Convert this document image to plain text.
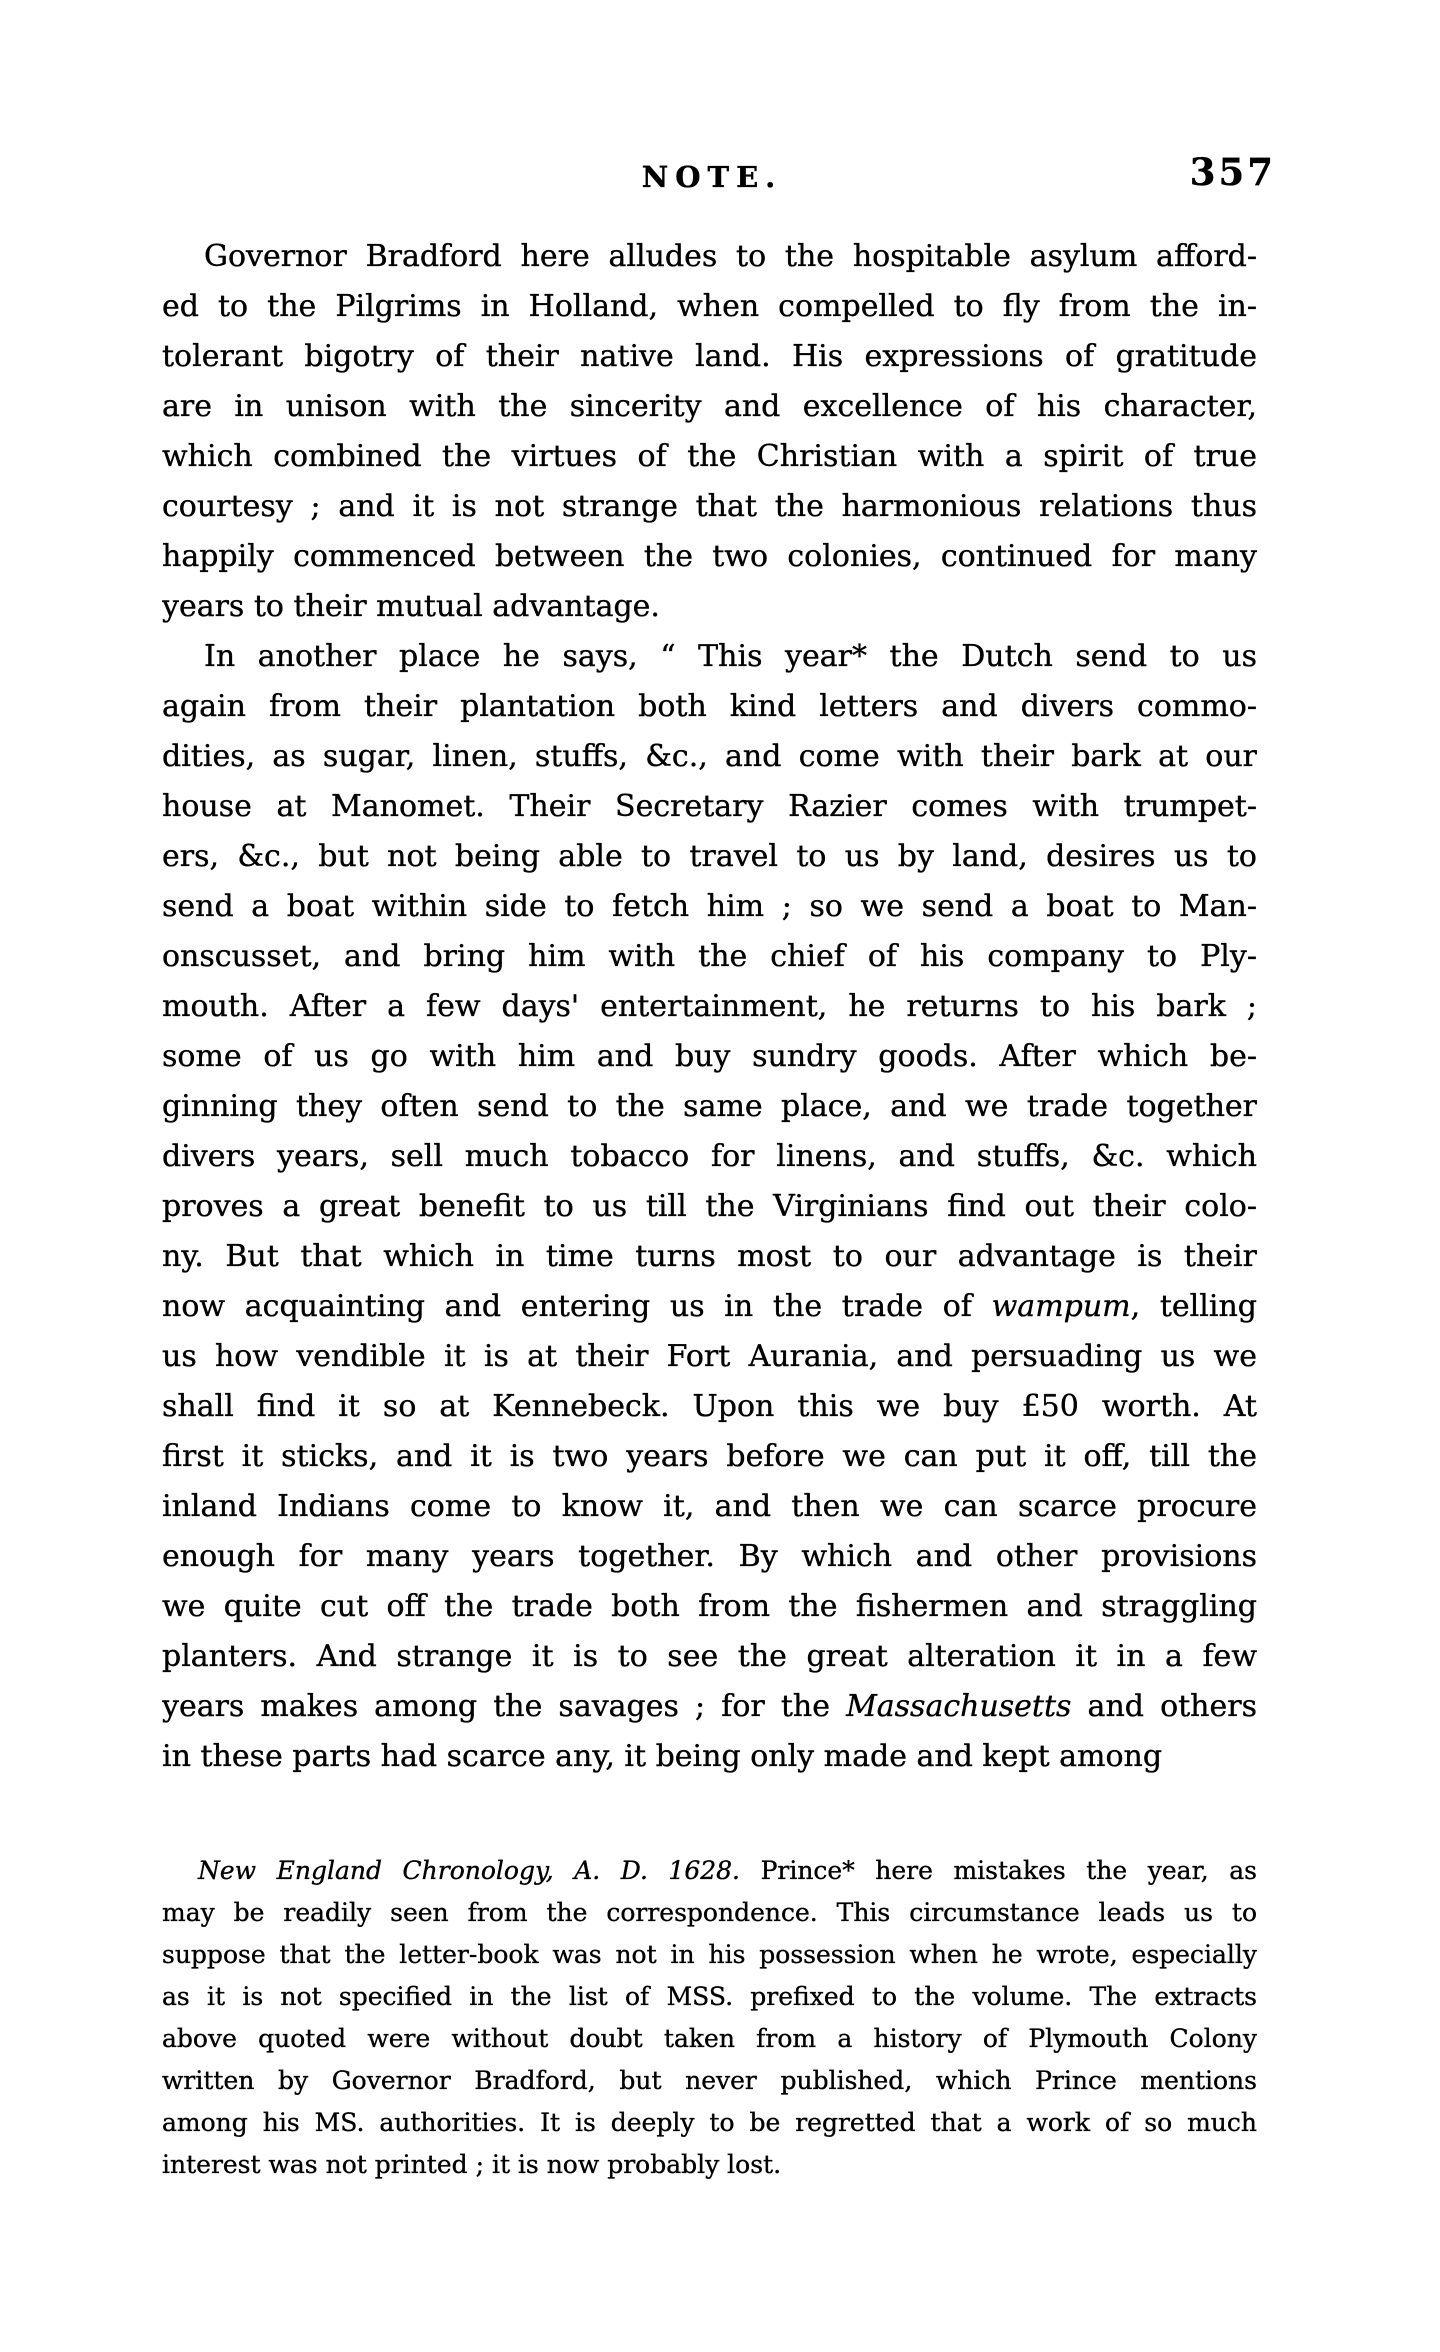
NOTE.	357
Governor Bradford here alludes to the hospitable asylum afford-
ed to the Pilgrims in Holland, when compelled to fly from the in-
tolerant bigotry of their native land. His expressions of gratitude
are in unison with the sincerity and excellence of his character,
which combined the virtues of the Christian with a spirit of true
courtesy ; and it is not strange that the harmonious relations thus
happily commenced between the two colonies, continued for many
years to their mutual advantage.
In another place he says, “ This year* the Dutch send to us
again from their plantation both kind letters and divers commo-
dities, as sugar, linen, stuffs, &c., and come with their bark at our
house at Manomet. Their Secretary Razier comes with trumpet-
ers, &c., but not being able to travel to us by land, desires us to
send a boat within side to fetch him ; so we send a boat to Man-
onscusset, and bring him with the chief of his company to Ply-
mouth. After a few days' entertainment, he returns to his bark ;
some of us go with him and buy sundry goods. After which be-
ginning they often send to the same place, and we trade together
divers years, sell much tobacco for linens, and stuffs, &c. which
proves a great benefit to us till the Virginians find out their colo-
ny. But that which in time turns most to our advantage is their
now acquainting and entering us in the trade of wampum, telling
us how vendible it is at their Fort Aurania, and persuading us we
shall find it so at Kennebeck. Upon this we buy £50 worth. At
first it sticks, and it is two years before we can put it off, till the
inland Indians come to know it, and then we can scarce procure
enough for many years together. By which and other provisions
we quite cut off the trade both from the fishermen and straggling
planters. And strange it is to see the great alteration it in a few
years makes among the savages ; for the Massachusetts and others
in these parts had scarce any, it being only made and kept among
New England Chronology, A. D. 1628. Prince* here mistakes the year, as
may be readily seen from the correspondence. This circumstance leads us to
suppose that the letter-book was not in his possession when he wrote, especially
as it is not specified in the list of MSS. prefixed to the volume. The extracts
above quoted were without doubt taken from a history of Plymouth Colony
written by Governor Bradford, but never published, which Prince mentions
among his MS. authorities. It is deeply to be regretted that a work of so much
interest was not printed ; it is now probably lost.
